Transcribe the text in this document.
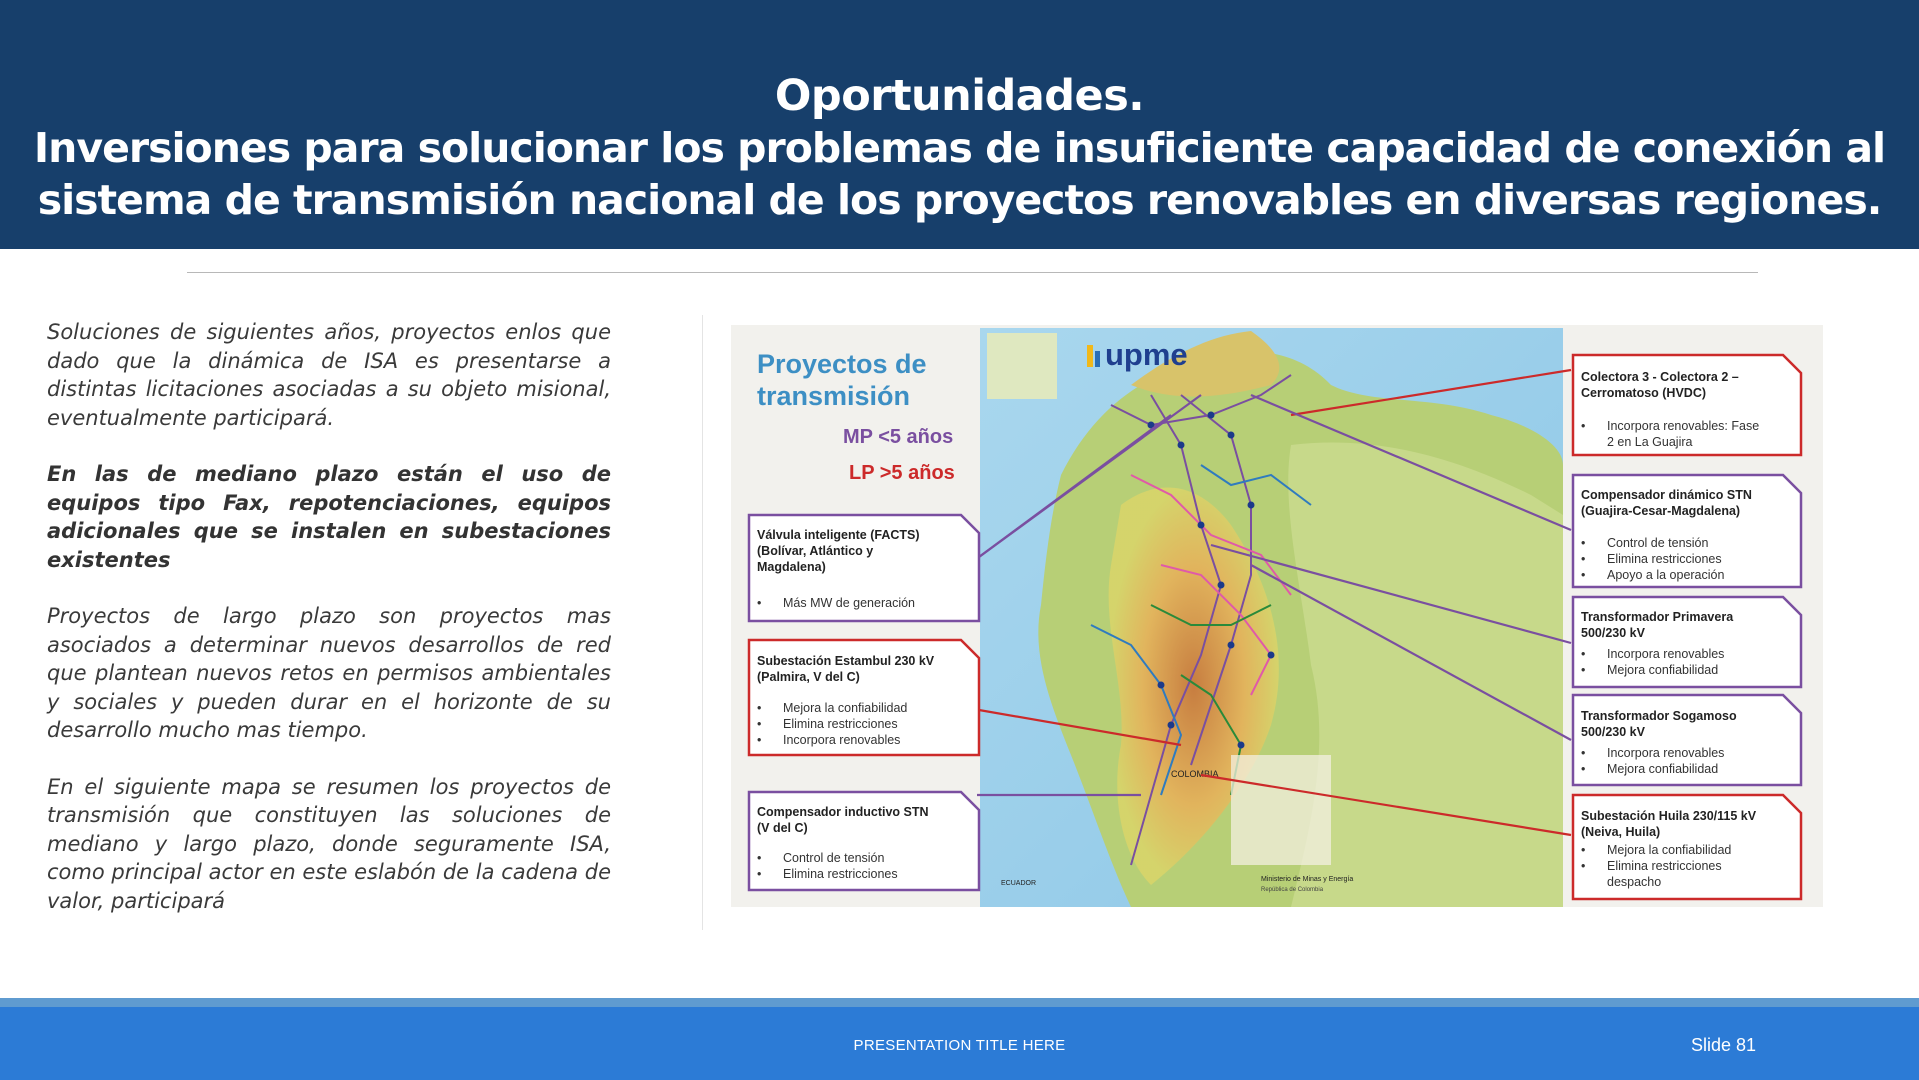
Oportunidades.
Inversiones para solucionar los problemas de insuficiente capacidad de conexión al
sistema de transmisión nacional de los proyectos renovables en diversas regiones.

Soluciones de siguientes años, proyectos enlos que dado que la dinámica de ISA es presentarse a distintas licitaciones asociadas a su objeto misional, eventualmente participará.

En las de mediano plazo están el uso de equipos tipo Fax, repotenciaciones, equipos adicionales que se instalen en subestaciones existentes

Proyectos de largo plazo son proyectos mas asociados a determinar nuevos desarrollos de red que plantean nuevos retos en permisos ambientales y sociales y pueden durar en el horizonte de su desarrollo mucho mas tiempo.

En el siguiente mapa se resumen los proyectos de transmisión que constituyen las soluciones de mediano y largo plazo, donde seguramente ISA, como principal actor en este eslabón de la cadena de valor, participará

COLOMBIA
ECUADOR
Ministerio de Minas y Energía
República de Colombia
Proyectos de
transmisión
MP <5 años
LP >5 años
upme
Válvula inteligente (FACTS)
(Bolívar, Atlántico y
Magdalena)
• Más MW de generación
Subestación Estambul 230 kV
(Palmira, V del C)
• Mejora la confiabilidad
• Elimina restricciones
• Incorpora renovables
Compensador inductivo STN
(V del C)
• Control de tensión
• Elimina restricciones
Colectora 3 - Colectora 2 –
Cerromatoso (HVDC)
• Incorpora renovables: Fase
2 en La Guajira
Compensador dinámico STN
(Guajira-Cesar-Magdalena)
• Control de tensión
• Elimina restricciones
• Apoyo a la operación
Transformador Primavera
500/230 kV
• Incorpora renovables
• Mejora confiabilidad
Transformador Sogamoso
500/230 kV
• Incorpora renovables
• Mejora confiabilidad
Subestación Huila 230/115 kV
(Neiva, Huila)
• Mejora la confiabilidad
• Elimina restricciones
despacho
PRESENTATION TITLE HERE	Slide 81
